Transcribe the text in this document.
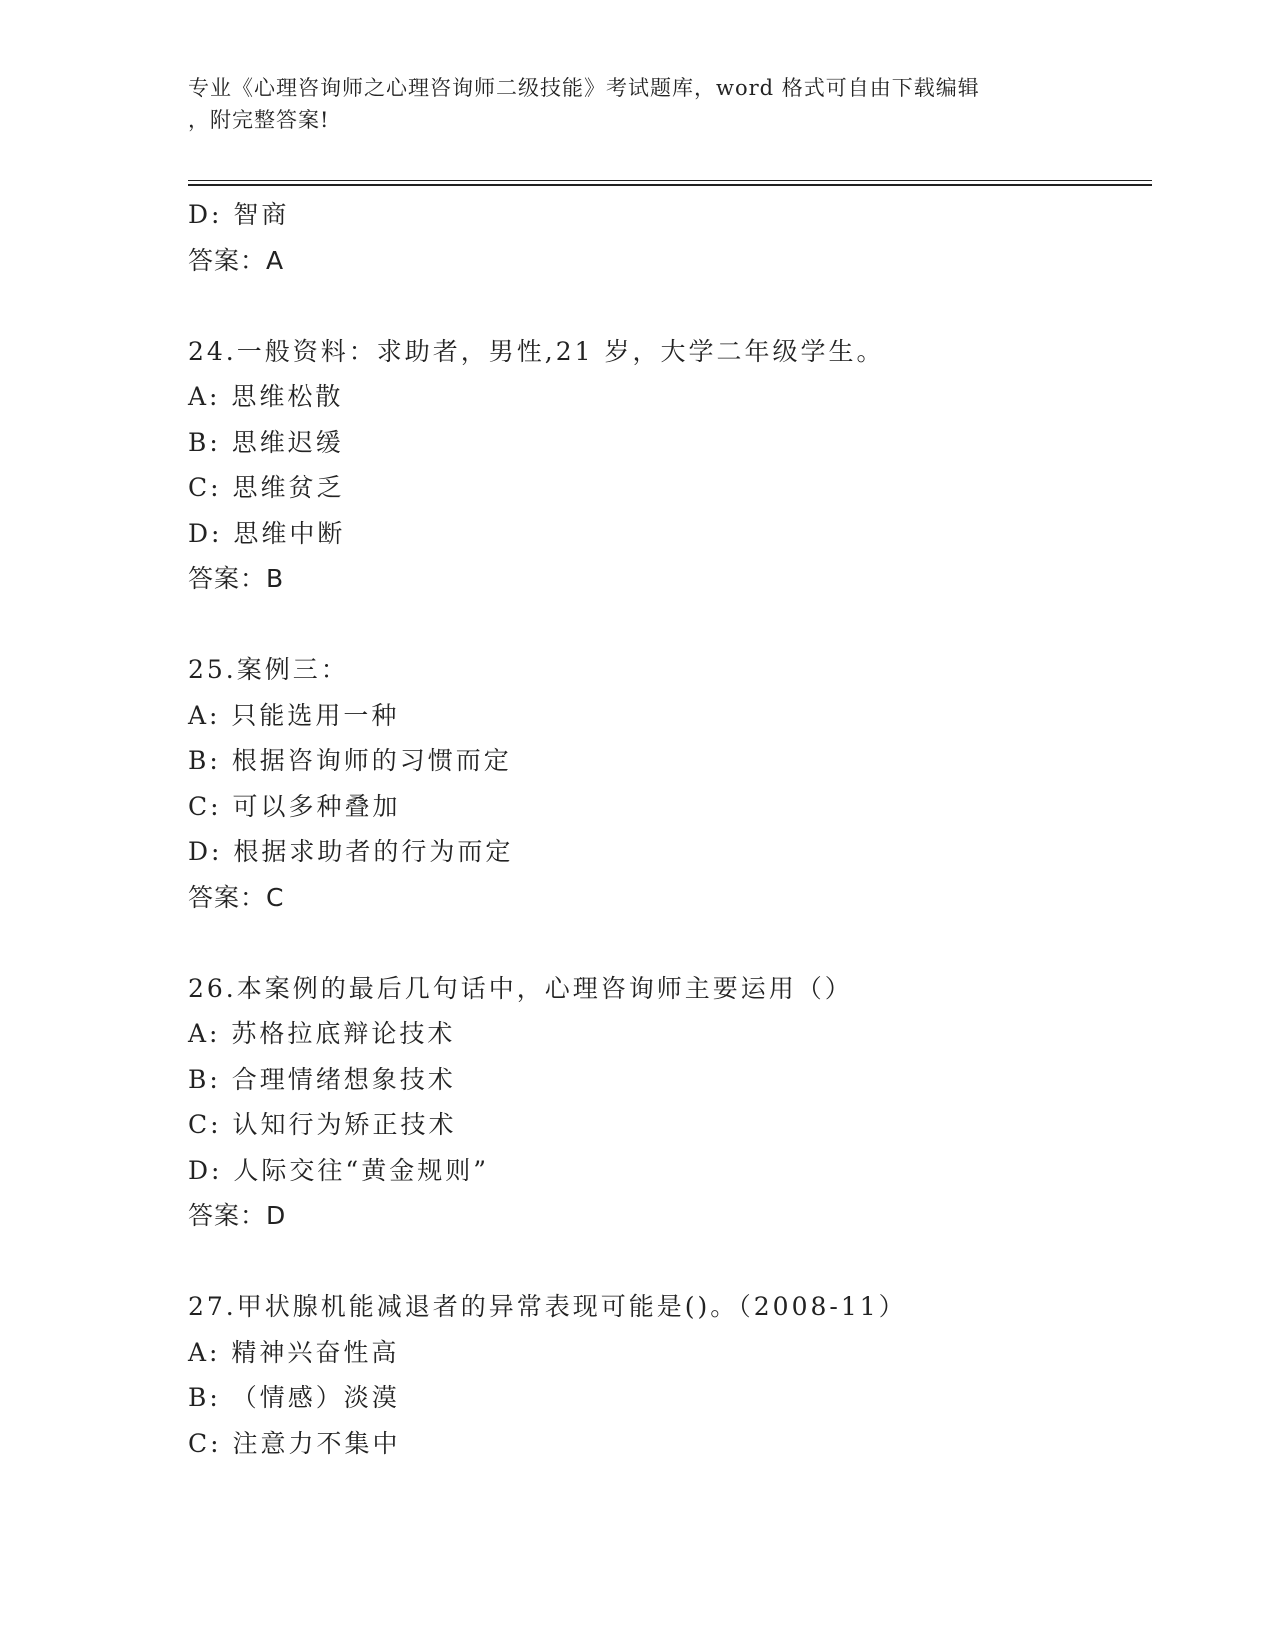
专业《心理咨询师之心理咨询师二级技能》考试题库，word 格式可自由下载编辑
，附完整答案!
D: 智商
答案：A
24.一般资料：求助者，男性,21 岁，大学二年级学生。
A: 思维松散
B: 思维迟缓
C: 思维贫乏
D: 思维中断
答案：B
25.案例三：
A: 只能选用一种
B: 根据咨询师的习惯而定
C: 可以多种叠加
D: 根据求助者的行为而定
答案：C
26.本案例的最后几句话中，心理咨询师主要运用（）
A: 苏格拉底辩论技术
B: 合理情绪想象技术
C: 认知行为矫正技术
D: 人际交往“黄金规则”
答案：D
27.甲状腺机能减退者的异常表现可能是()。（2008-11）
A: 精神兴奋性高
B: （情感）淡漠
C: 注意力不集中
